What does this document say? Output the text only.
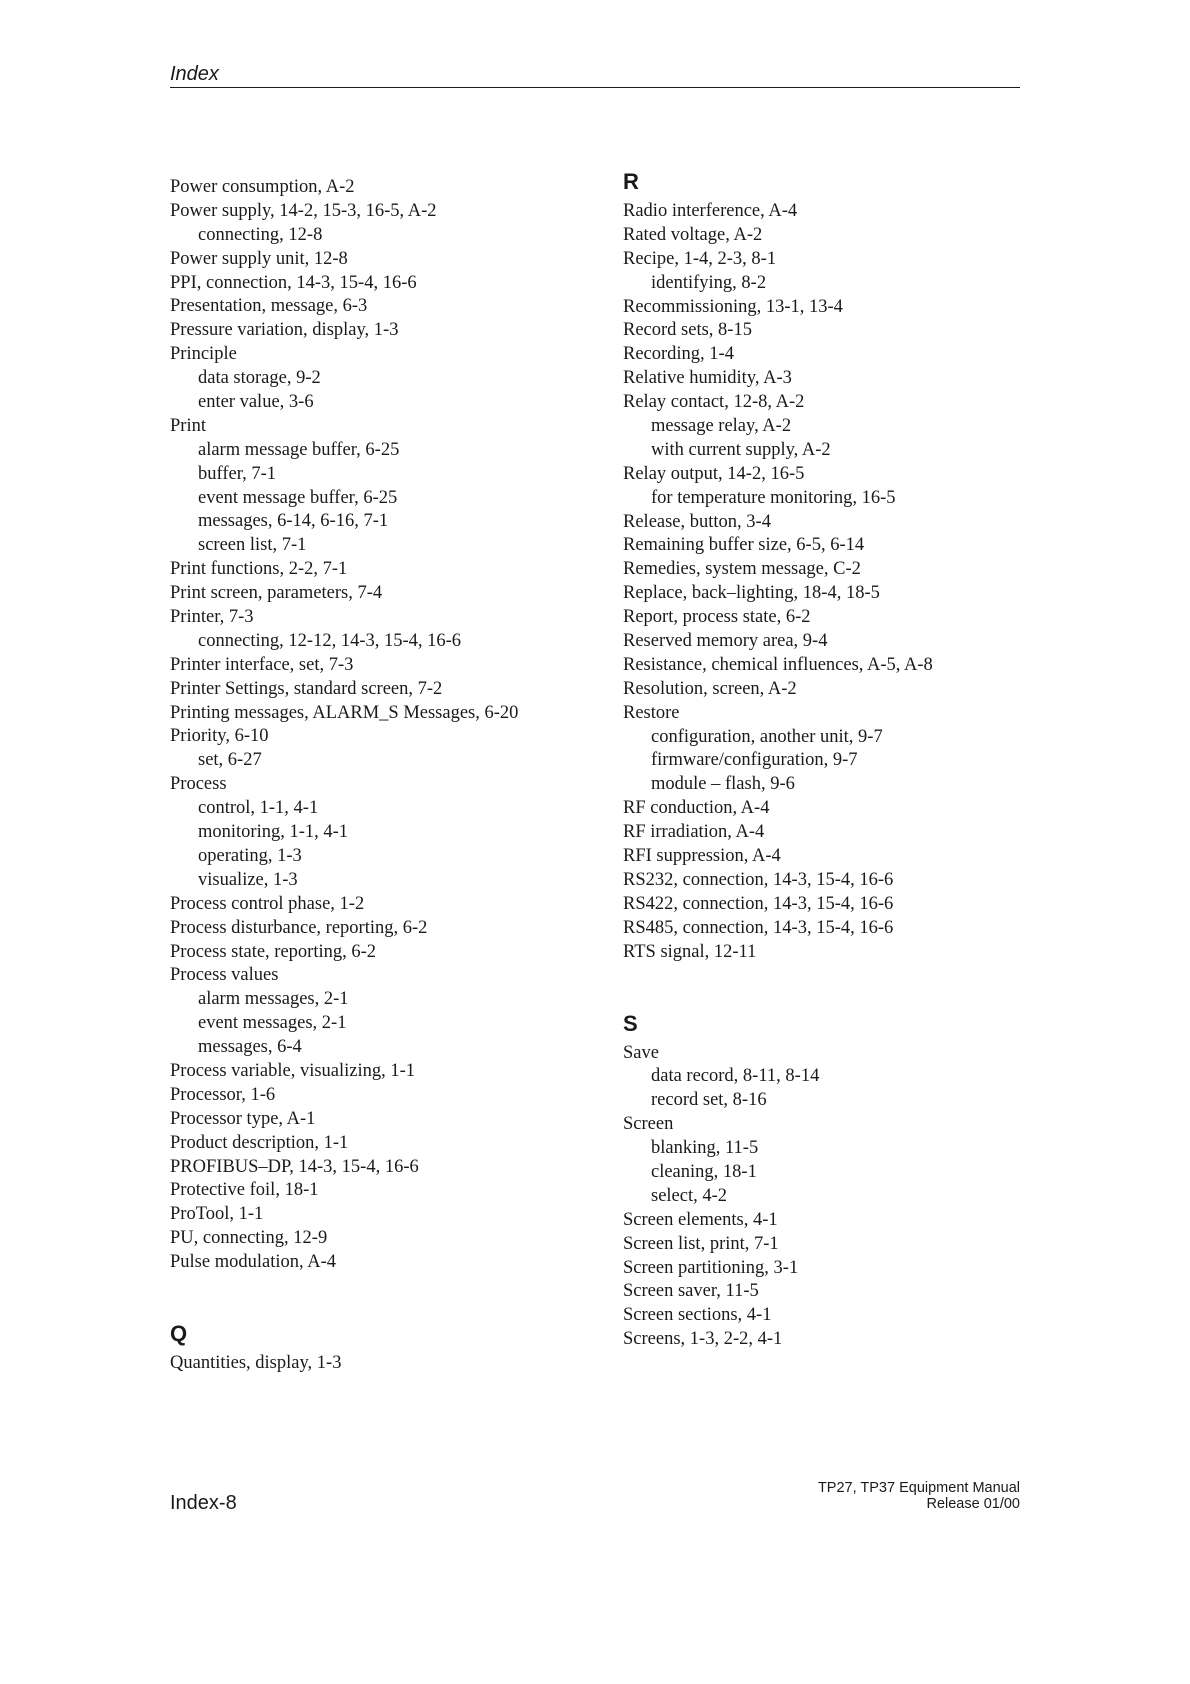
Index
Power consumption, A-2
Power supply, 14-2, 15-3, 16-5, A-2
connecting, 12-8
Power supply unit, 12-8
PPI, connection, 14-3, 15-4, 16-6
Presentation, message, 6-3
Pressure variation, display, 1-3
Principle
data storage, 9-2
enter value, 3-6
Print
alarm message buffer, 6-25
buffer, 7-1
event message buffer, 6-25
messages, 6-14, 6-16, 7-1
screen list, 7-1
Print functions, 2-2, 7-1
Print screen, parameters, 7-4
Printer, 7-3
connecting, 12-12, 14-3, 15-4, 16-6
Printer interface, set, 7-3
Printer Settings, standard screen, 7-2
Printing messages, ALARM_S Messages, 6-20
Priority, 6-10
set, 6-27
Process
control, 1-1, 4-1
monitoring, 1-1, 4-1
operating, 1-3
visualize, 1-3
Process control phase, 1-2
Process disturbance, reporting, 6-2
Process state, reporting, 6-2
Process values
alarm messages, 2-1
event messages, 2-1
messages, 6-4
Process variable, visualizing, 1-1
Processor, 1-6
Processor type, A-1
Product description, 1-1
PROFIBUS–DP, 14-3, 15-4, 16-6
Protective foil, 18-1
ProTool, 1-1
PU, connecting, 12-9
Pulse modulation, A-4
Q
Quantities, display, 1-3
R
Radio interference, A-4
Rated voltage, A-2
Recipe, 1-4, 2-3, 8-1
identifying, 8-2
Recommissioning, 13-1, 13-4
Record sets, 8-15
Recording, 1-4
Relative humidity, A-3
Relay contact, 12-8, A-2
message relay, A-2
with current supply, A-2
Relay output, 14-2, 16-5
for temperature monitoring, 16-5
Release, button, 3-4
Remaining buffer size, 6-5, 6-14
Remedies, system message, C-2
Replace, back–lighting, 18-4, 18-5
Report, process state, 6-2
Reserved memory area, 9-4
Resistance, chemical influences, A-5, A-8
Resolution, screen, A-2
Restore
configuration, another unit, 9-7
firmware/configuration, 9-7
module – flash, 9-6
RF conduction, A-4
RF irradiation, A-4
RFI suppression, A-4
RS232, connection, 14-3, 15-4, 16-6
RS422, connection, 14-3, 15-4, 16-6
RS485, connection, 14-3, 15-4, 16-6
RTS signal, 12-11
S
Save
data record, 8-11, 8-14
record set, 8-16
Screen
blanking, 11-5
cleaning, 18-1
select, 4-2
Screen elements, 4-1
Screen list, print, 7-1
Screen partitioning, 3-1
Screen saver, 11-5
Screen sections, 4-1
Screens, 1-3, 2-2, 4-1
Index-8
TP27, TP37 Equipment Manual
Release 01/00
